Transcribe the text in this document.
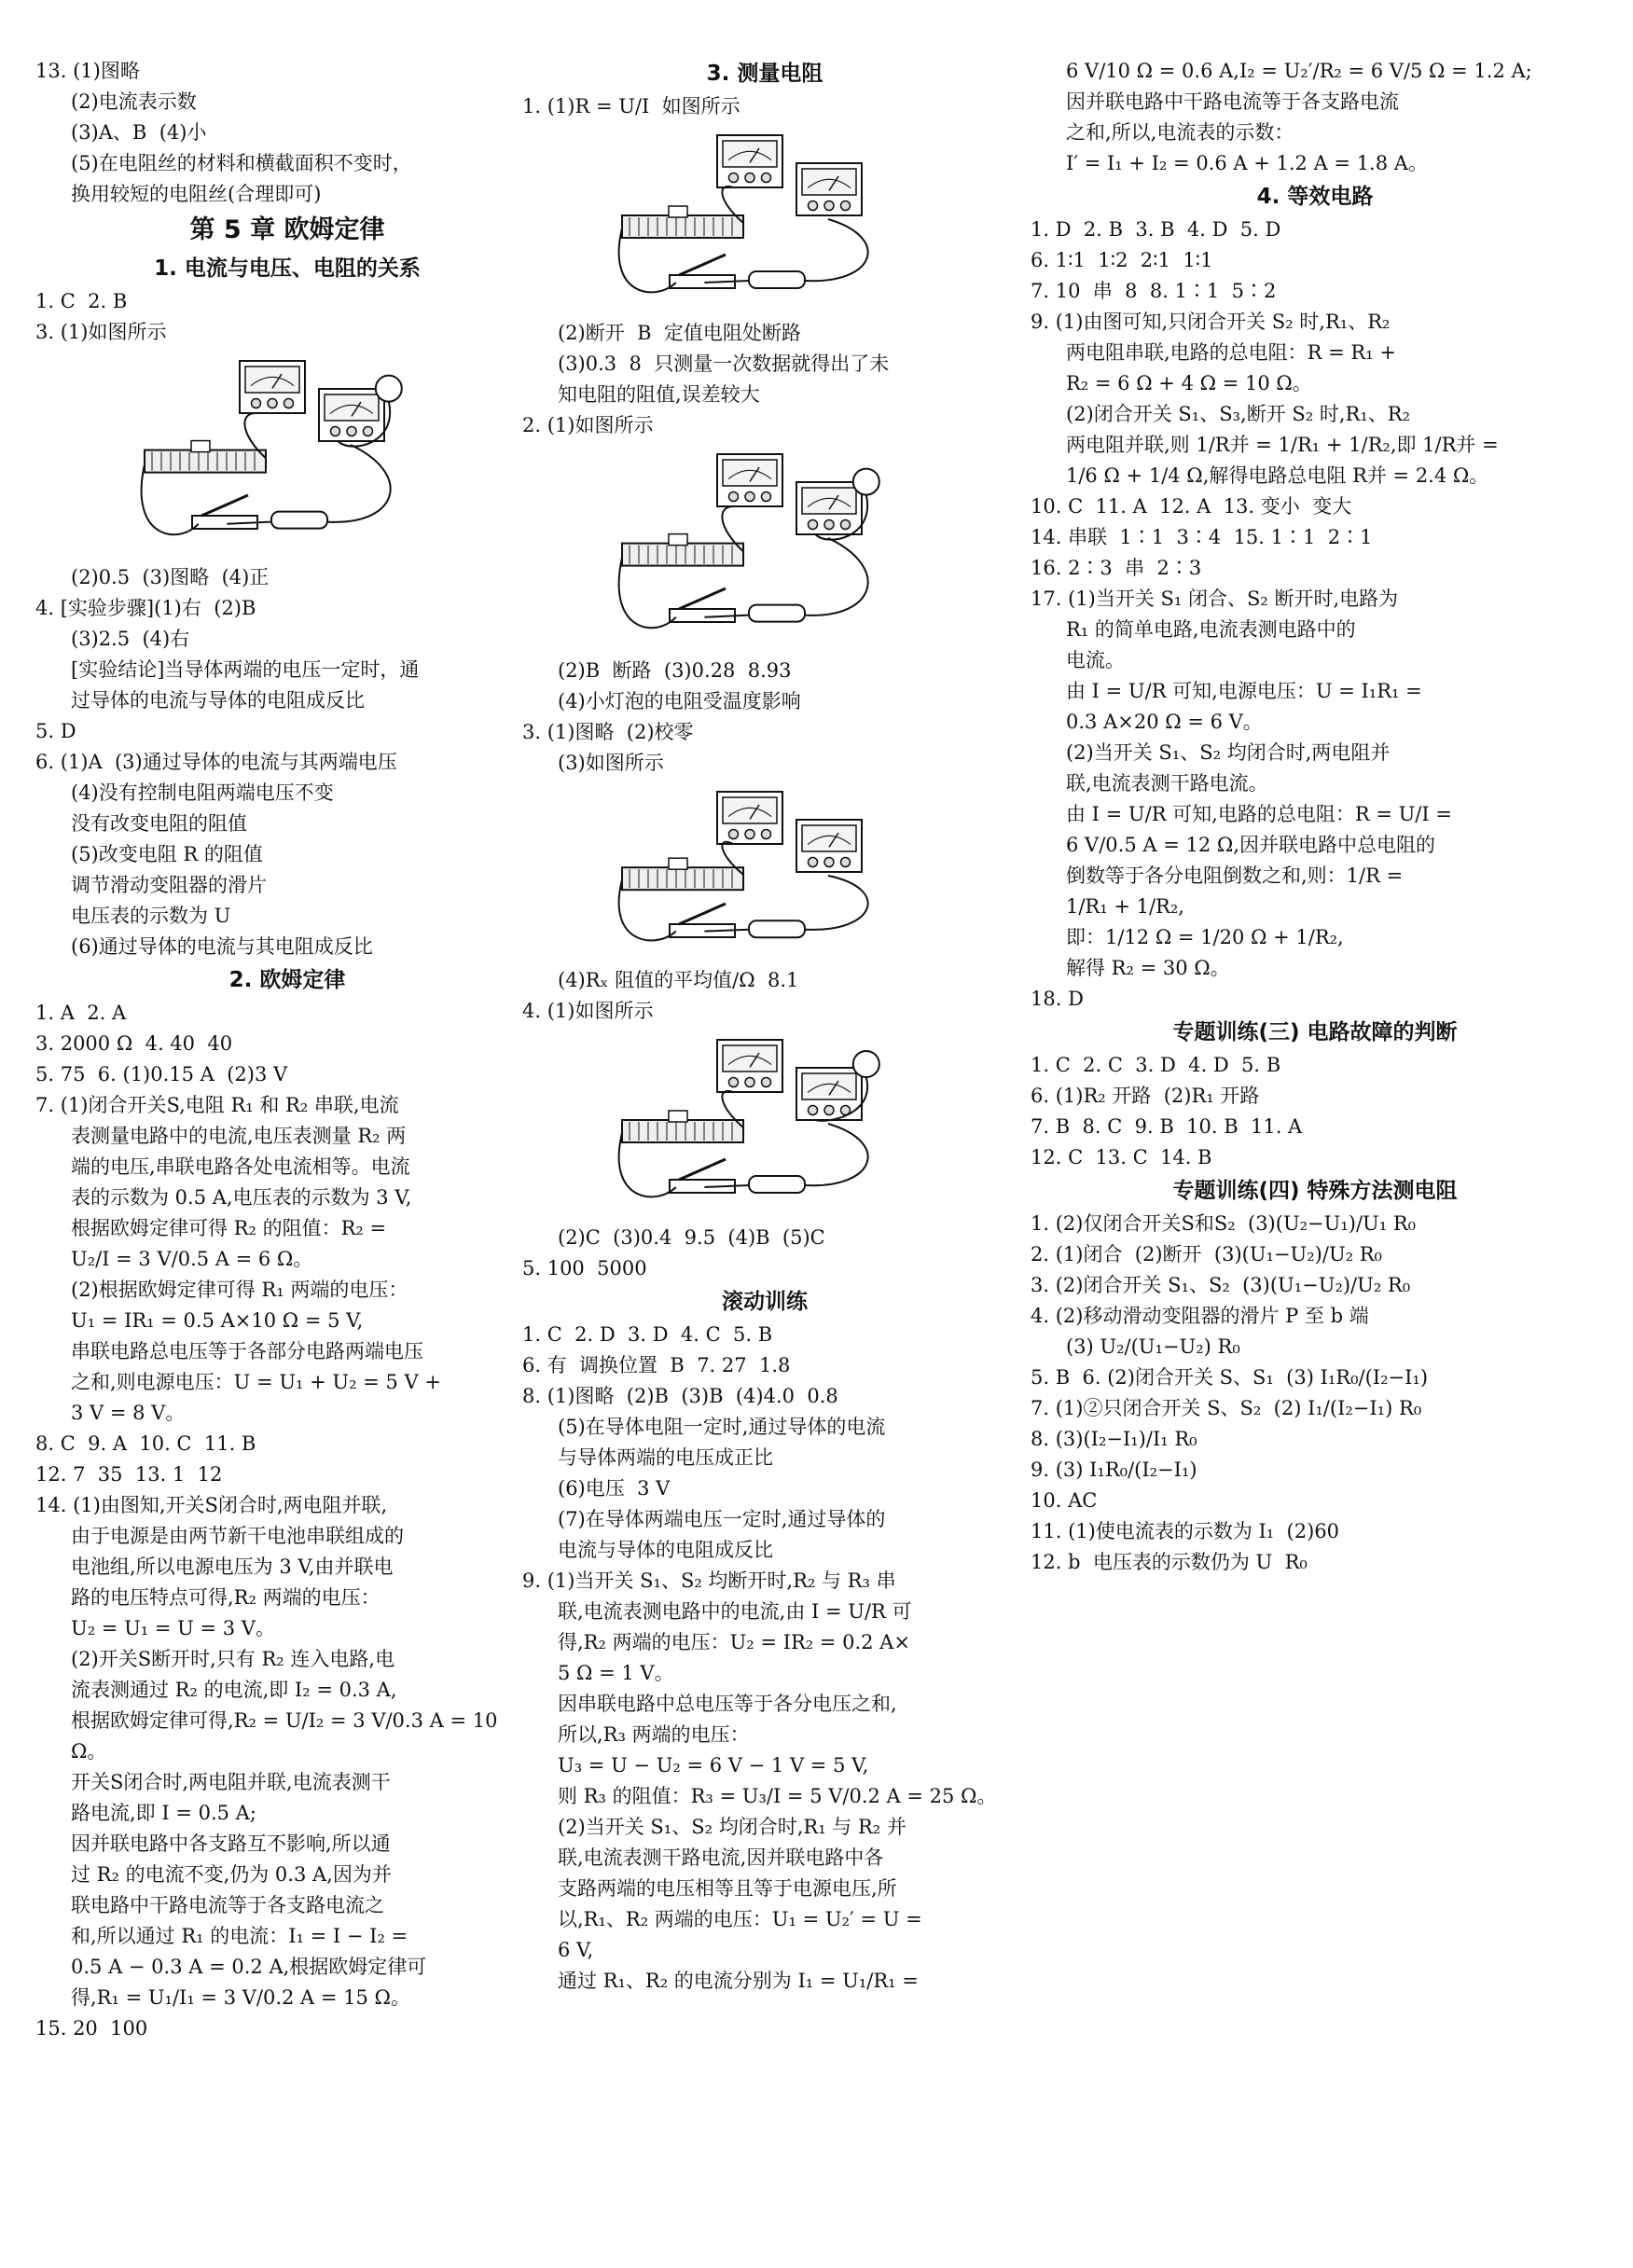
13. (1)图略
(2)电流表示数
(3)A、B  (4)小
(5)在电阻丝的材料和横截面积不变时，
换用较短的电阻丝(合理即可)
第 5 章 欧姆定律
1. 电流与电压、电阻的关系
1. C  2. B
3. (1)如图所示
(2)0.5  (3)图略  (4)正
4. [实验步骤](1)右  (2)B
(3)2.5  (4)右
[实验结论]当导体两端的电压一定时，通
过导体的电流与导体的电阻成反比
5. D
6. (1)A  (3)通过导体的电流与其两端电压
(4)没有控制电阻两端电压不变
没有改变电阻的阻值
(5)改变电阻 R 的阻值
调节滑动变阻器的滑片
电压表的示数为 U
(6)通过导体的电流与其电阻成反比
2. 欧姆定律
1. A  2. A
3. 2000 Ω  4. 40  40
5. 75  6. (1)0.15 A  (2)3 V
7. (1)闭合开关S,电阻 R₁ 和 R₂ 串联,电流
表测量电路中的电流,电压表测量 R₂ 两
端的电压,串联电路各处电流相等。电流
表的示数为 0.5 A,电压表的示数为 3 V,
根据欧姆定律可得 R₂ 的阻值：R₂ =
U₂/I = 3 V/0.5 A = 6 Ω。
(2)根据欧姆定律可得 R₁ 两端的电压：
U₁ = IR₁ = 0.5 A×10 Ω = 5 V,
串联电路总电压等于各部分电路两端电压
之和,则电源电压：U = U₁ + U₂ = 5 V +
3 V = 8 V。
8. C  9. A  10. C  11. B
12. 7  35  13. 1  12
14. (1)由图知,开关S闭合时,两电阻并联,
由于电源是由两节新干电池串联组成的
电池组,所以电源电压为 3 V,由并联电
路的电压特点可得,R₂ 两端的电压：
U₂ = U₁ = U = 3 V。
(2)开关S断开时,只有 R₂ 连入电路,电
流表测通过 R₂ 的电流,即 I₂ = 0.3 A,
根据欧姆定律可得,R₂ = U/I₂ = 3 V/0.3 A = 10 Ω。
开关S闭合时,两电阻并联,电流表测干
路电流,即 I = 0.5 A;
因并联电路中各支路互不影响,所以通
过 R₂ 的电流不变,仍为 0.3 A,因为并
联电路中干路电流等于各支路电流之
和,所以通过 R₁ 的电流：I₁ = I − I₂ =
0.5 A − 0.3 A = 0.2 A,根据欧姆定律可
得,R₁ = U₁/I₁ = 3 V/0.2 A = 15 Ω。
15. 20  100
3. 测量电阻
1. (1)R = U/I  如图所示
(2)断开  B  定值电阻处断路
(3)0.3  8  只测量一次数据就得出了未
知电阻的阻值,误差较大
2. (1)如图所示
(2)B  断路  (3)0.28  8.93
(4)小灯泡的电阻受温度影响
3. (1)图略  (2)校零
(3)如图所示
(4)Rₓ 阻值的平均值/Ω  8.1
4. (1)如图所示
(2)C  (3)0.4  9.5  (4)B  (5)C
5. 100  5000
滚动训练
1. C  2. D  3. D  4. C  5. B
6. 有  调换位置  B  7. 27  1.8
8. (1)图略  (2)B  (3)B  (4)4.0  0.8
(5)在导体电阻一定时,通过导体的电流
与导体两端的电压成正比
(6)电压  3 V
(7)在导体两端电压一定时,通过导体的
电流与导体的电阻成反比
9. (1)当开关 S₁、S₂ 均断开时,R₂ 与 R₃ 串
联,电流表测电路中的电流,由 I = U/R 可
得,R₂ 两端的电压：U₂ = IR₂ = 0.2 A×
5 Ω = 1 V。
因串联电路中总电压等于各分电压之和,
所以,R₃ 两端的电压：
U₃ = U − U₂ = 6 V − 1 V = 5 V,
则 R₃ 的阻值：R₃ = U₃/I = 5 V/0.2 A = 25 Ω。
(2)当开关 S₁、S₂ 均闭合时,R₁ 与 R₂ 并
联,电流表测干路电流,因并联电路中各
支路两端的电压相等且等于电源电压,所
以,R₁、R₂ 两端的电压：U₁ = U₂′ = U =
6 V,
通过 R₁、R₂ 的电流分别为 I₁ = U₁/R₁ =
6 V/10 Ω = 0.6 A,I₂ = U₂′/R₂ = 6 V/5 Ω = 1.2 A;
因并联电路中干路电流等于各支路电流
之和,所以,电流表的示数：
I′ = I₁ + I₂ = 0.6 A + 1.2 A = 1.8 A。
4. 等效电路
1. D  2. B  3. B  4. D  5. D
6. 1∶1  1∶2  2∶1  1∶1
7. 10  串  8  8. 1∶1  5∶2
9. (1)由图可知,只闭合开关 S₂ 时,R₁、R₂
两电阻串联,电路的总电阻：R = R₁ +
R₂ = 6 Ω + 4 Ω = 10 Ω。
(2)闭合开关 S₁、S₃,断开 S₂ 时,R₁、R₂
两电阻并联,则 1/R并 = 1/R₁ + 1/R₂,即 1/R并 =
1/6 Ω + 1/4 Ω,解得电路总电阻 R并 = 2.4 Ω。
10. C  11. A  12. A  13. 变小  变大
14. 串联  1∶1  3∶4  15. 1∶1  2∶1
16. 2∶3  串  2∶3
17. (1)当开关 S₁ 闭合、S₂ 断开时,电路为
R₁ 的简单电路,电流表测电路中的
电流。
由 I = U/R 可知,电源电压：U = I₁R₁ =
0.3 A×20 Ω = 6 V。
(2)当开关 S₁、S₂ 均闭合时,两电阻并
联,电流表测干路电流。
由 I = U/R 可知,电路的总电阻：R = U/I =
6 V/0.5 A = 12 Ω,因并联电路中总电阻的
倒数等于各分电阻倒数之和,则：1/R =
1/R₁ + 1/R₂,
即：1/12 Ω = 1/20 Ω + 1/R₂,
解得 R₂ = 30 Ω。
18. D
专题训练(三) 电路故障的判断
1. C  2. C  3. D  4. D  5. B
6. (1)R₂ 开路  (2)R₁ 开路
7. B  8. C  9. B  10. B  11. A
12. C  13. C  14. B
专题训练(四) 特殊方法测电阻
1. (2)仅闭合开关S和S₂  (3)(U₂−U₁)/U₁ R₀
2. (1)闭合  (2)断开  (3)(U₁−U₂)/U₂ R₀
3. (2)闭合开关 S₁、S₂  (3)(U₁−U₂)/U₂ R₀
4. (2)移动滑动变阻器的滑片 P 至 b 端
(3) U₂/(U₁−U₂) R₀
5. B  6. (2)闭合开关 S、S₁  (3) I₁R₀/(I₂−I₁)
7. (1)②只闭合开关 S、S₂  (2) I₁/(I₂−I₁) R₀
8. (3)(I₂−I₁)/I₁ R₀
9. (3) I₁R₀/(I₂−I₁)
10. AC
11. (1)使电流表的示数为 I₁  (2)60
12. b  电压表的示数仍为 U  R₀
